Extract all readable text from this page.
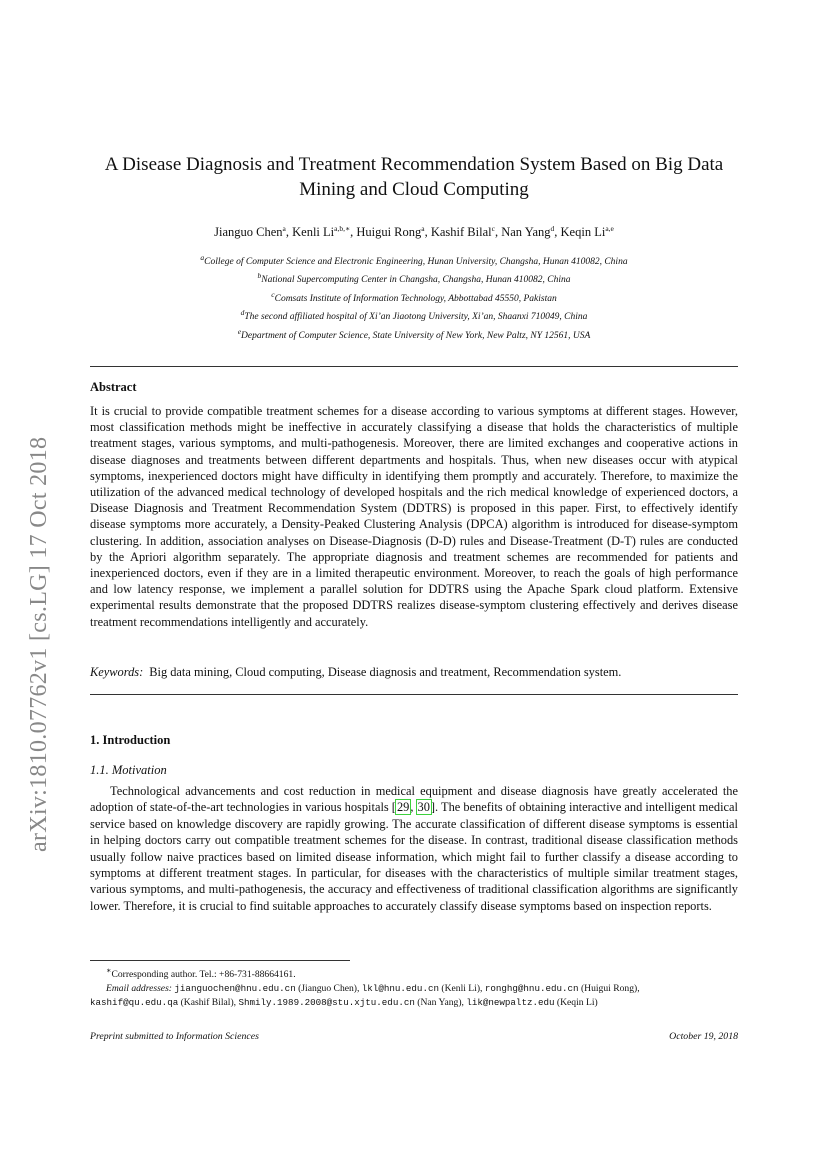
arXiv:1810.07762v1 [cs.LG] 17 Oct 2018
A Disease Diagnosis and Treatment Recommendation System Based on Big Data Mining and Cloud Computing
Jianguo Chen$^a$, Kenli $Li^{a,b,∗}$, Huigui Rong$^a$, Kashif Bilal$^c$, Nan Yang$^d$, Keqin Li$^{a,e}$
$^a$College of Computer Science and Electronic Engineering, Hunan University, Changsha, Hunan 410082, China
$^b$National Supercomputing Center in Changsha, Changsha, Hunan 410082, China
$^c$Comsats Institute of Information Technology, Abbottabad 45550, Pakistan
$^d$The second affiliated hospital of Xi’an Jiaotong University, Xi’an, Shaanxi 710049, China
$^e$Department of Computer Science, State University of New York, New Paltz, NY 12561, USA
Abstract
It is crucial to provide compatible treatment schemes for a disease according to various symptoms at different stages. However, most classification methods might be ineffective in accurately classifying a disease that holds the characteristics of multiple treatment stages, various symptoms, and multi-pathogenesis. Moreover, there are limited exchanges and cooperative actions in disease diagnoses and treatments between different departments and hospitals. Thus, when new diseases occur with atypical symptoms, inexperienced doctors might have difficulty in identifying them promptly and accurately. Therefore, to maximize the utilization of the advanced medical technology of developed hospitals and the rich medical knowledge of experienced doctors, a Disease Diagnosis and Treatment Recommendation System (DDTRS) is proposed in this paper. First, to effectively identify disease symptoms more accurately, a Density-Peaked Clustering Analysis (DPCA) algorithm is introduced for disease-symptom clustering. In addition, association analyses on Disease-Diagnosis (D-D) rules and Disease-Treatment (D-T) rules are conducted by the Apriori algorithm separately. The appropriate diagnosis and treatment schemes are recommended for patients and inexperienced doctors, even if they are in a limited therapeutic environment. Moreover, to reach the goals of high performance and low latency response, we implement a parallel solution for DDTRS using the Apache Spark cloud platform. Extensive experimental results demonstrate that the proposed DDTRS realizes disease-symptom clustering effectively and derives disease treatment recommendations intelligently and accurately.
Keywords: Big data mining, Cloud computing, Disease diagnosis and treatment, Recommendation system.
1. Introduction
1.1. Motivation
Technological advancements and cost reduction in medical equipment and disease diagnosis have greatly accelerated the adoption of state-of-the-art technologies in various hospitals [29, 30]. The benefits of obtaining interactive and intelligent medical service based on knowledge discovery are rapidly growing. The accurate classification of different disease symptoms is essential in helping doctors carry out compatible treatment schemes for the disease. In contrast, traditional disease classification methods usually follow naive practices based on limited disease information, which might fail to further classify a disease according to symptoms at different treatment stages. In particular, for diseases with the characteristics of multiple similar treatment stages, various symptoms, and multi-pathogenesis, the accuracy and effectiveness of traditional classification algorithms are significantly lower. Therefore, it is crucial to find suitable approaches to accurately classify disease symptoms based on inspection reports.
∗Corresponding author. Tel.: +86-731-88664161.
Email addresses: jianguochen@hnu.edu.cn (Jianguo Chen), lkl@hnu.edu.cn (Kenli Li), ronghg@hnu.edu.cn (Huigui Rong),
kashif@qu.edu.qa (Kashif Bilal), Shmily.1989.2008@stu.xjtu.edu.cn (Nan Yang), lik@newpaltz.edu (Keqin Li)
Preprint submitted to Information Sciences	October 19, 2018
